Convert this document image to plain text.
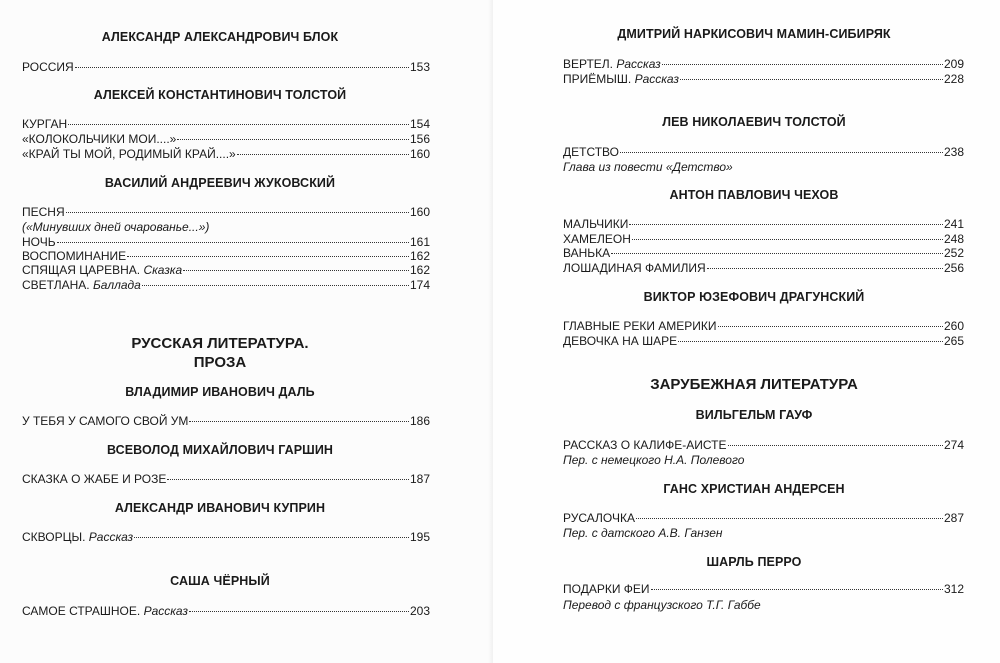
АЛЕКСАНДР АЛЕКСАНДРОВИЧ БЛОК
РОССИЯ	153
АЛЕКСЕЙ КОНСТАНТИНОВИЧ ТОЛСТОЙ
КУРГАН	154
«КОЛОКОЛЬЧИКИ МОИ....»	156
«КРАЙ ТЫ МОЙ, РОДИМЫЙ КРАЙ....»	160
ВАСИЛИЙ АНДРЕЕВИЧ ЖУКОВСКИЙ
ПЕСНЯ	160
(«Минувших дней очарованье...»)
НОЧЬ	161
ВОСПОМИНАНИЕ	162
СПЯЩАЯ ЦАРЕВНА. Сказка	162
СВЕТЛАНА. Баллада	174
РУССКАЯ ЛИТЕРАТУРА.
ПРОЗА
ВЛАДИМИР ИВАНОВИЧ ДАЛЬ
У ТЕБЯ У САМОГО СВОЙ УМ	186
ВСЕВОЛОД МИХАЙЛОВИЧ ГАРШИН
СКАЗКА О ЖАБЕ И РОЗЕ	187
АЛЕКСАНДР ИВАНОВИЧ КУПРИН
СКВОРЦЫ. Рассказ	195
САША ЧЁРНЫЙ
САМОЕ СТРАШНОЕ. Рассказ	203
ДМИТРИЙ НАРКИСОВИЧ МАМИН-СИБИРЯК
ВЕРТЕЛ. Рассказ	209
ПРИЁМЫШ. Рассказ	228
ЛЕВ НИКОЛАЕВИЧ ТОЛСТОЙ
ДЕТСТВО	238
Глава из повести «Детство»
АНТОН ПАВЛОВИЧ ЧЕХОВ
МАЛЬЧИКИ	241
ХАМЕЛЕОН	248
ВАНЬКА	252
ЛОШАДИНАЯ ФАМИЛИЯ	256
ВИКТОР ЮЗЕФОВИЧ ДРАГУНСКИЙ
ГЛАВНЫЕ РЕКИ АМЕРИКИ	260
ДЕВОЧКА НА ШАРЕ	265
ЗАРУБЕЖНАЯ ЛИТЕРАТУРА
ВИЛЬГЕЛЬМ ГАУФ
РАССКАЗ О КАЛИФЕ-АИСТЕ	274
Пер. с немецкого Н.А. Полевого
ГАНС ХРИСТИАН АНДЕРСЕН
РУСАЛОЧКА	287
Пер. с датского А.В. Ганзен
ШАРЛЬ ПЕРРО
ПОДАРКИ ФЕИ	312
Перевод с французского Т.Г. Габбе
